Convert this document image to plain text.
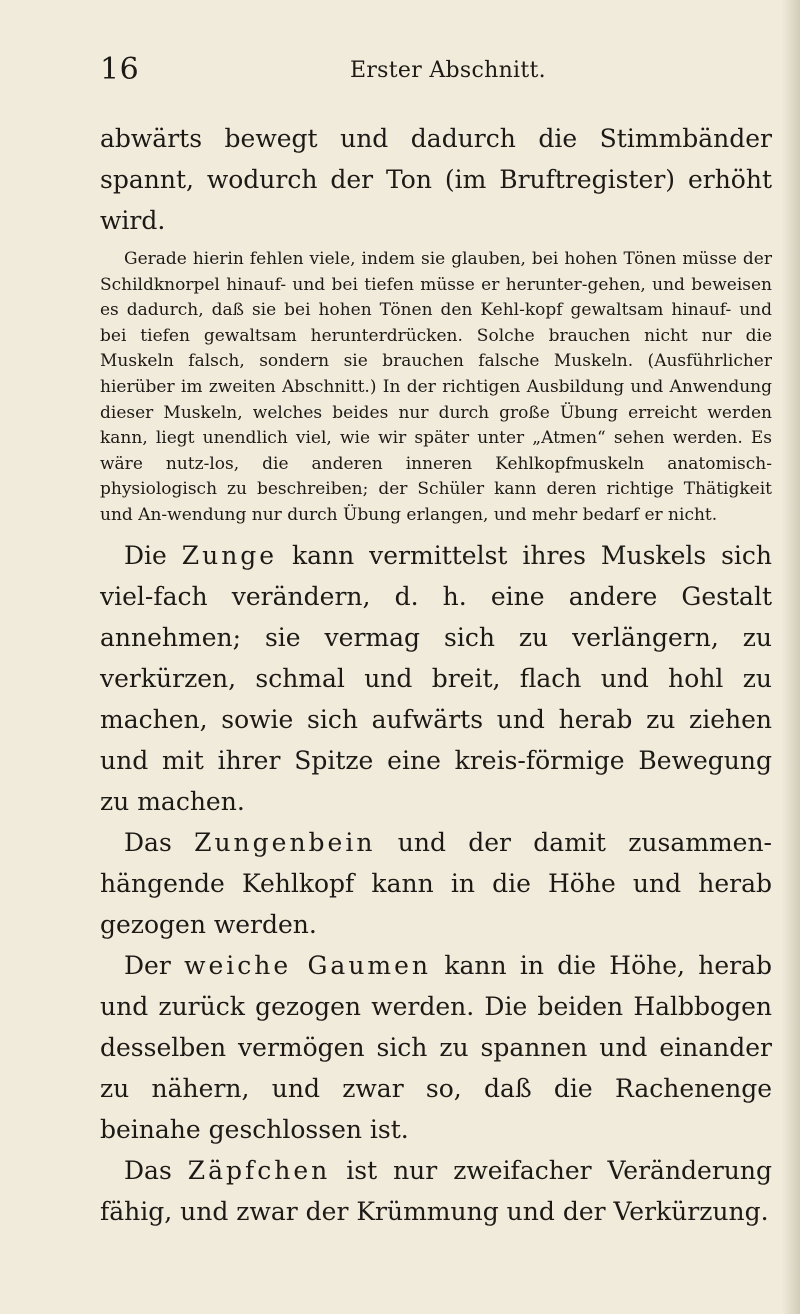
16	Erster Abschnitt.

abwärts bewegt und dadurch die Stimmbänder spannt, wodurch der Ton (im Bruftregister) erhöht wird.

Gerade hierin fehlen viele, indem sie glauben, bei hohen Tönen müsse der Schildknorpel hinauf- und bei tiefen müsse er herunter-gehen, und beweisen es dadurch, daß sie bei hohen Tönen den Kehl-kopf gewaltsam hinauf- und bei tiefen gewaltsam herunterdrücken. Solche brauchen nicht nur die Muskeln falsch, sondern sie brauchen falsche Muskeln. (Ausführlicher hierüber im zweiten Abschnitt.) In der richtigen Ausbildung und Anwendung dieser Muskeln, welches beides nur durch große Übung erreicht werden kann, liegt unendlich viel, wie wir später unter „Atmen“ sehen werden. Es wäre nutz-los, die anderen inneren Kehlkopfmuskeln anatomisch-physiologisch zu beschreiben; der Schüler kann deren richtige Thätigkeit und An-wendung nur durch Übung erlangen, und mehr bedarf er nicht.

Die Zunge kann vermittelst ihres Muskels sich viel-fach verändern, d. h. eine andere Gestalt annehmen; sie vermag sich zu verlängern, zu verkürzen, schmal und breit, flach und hohl zu machen, sowie sich aufwärts und herab zu ziehen und mit ihrer Spitze eine kreis-förmige Bewegung zu machen.

Das Zungenbein und der damit zusammen-hängende Kehlkopf kann in die Höhe und herab gezogen werden.

Der weiche Gaumen kann in die Höhe, herab und zurück gezogen werden. Die beiden Halbbogen desselben vermögen sich zu spannen und einander zu nähern, und zwar so, daß die Rachenenge beinahe geschlossen ist.

Das Zäpfchen ist nur zweifacher Veränderung fähig, und zwar der Krümmung und der Verkürzung.
